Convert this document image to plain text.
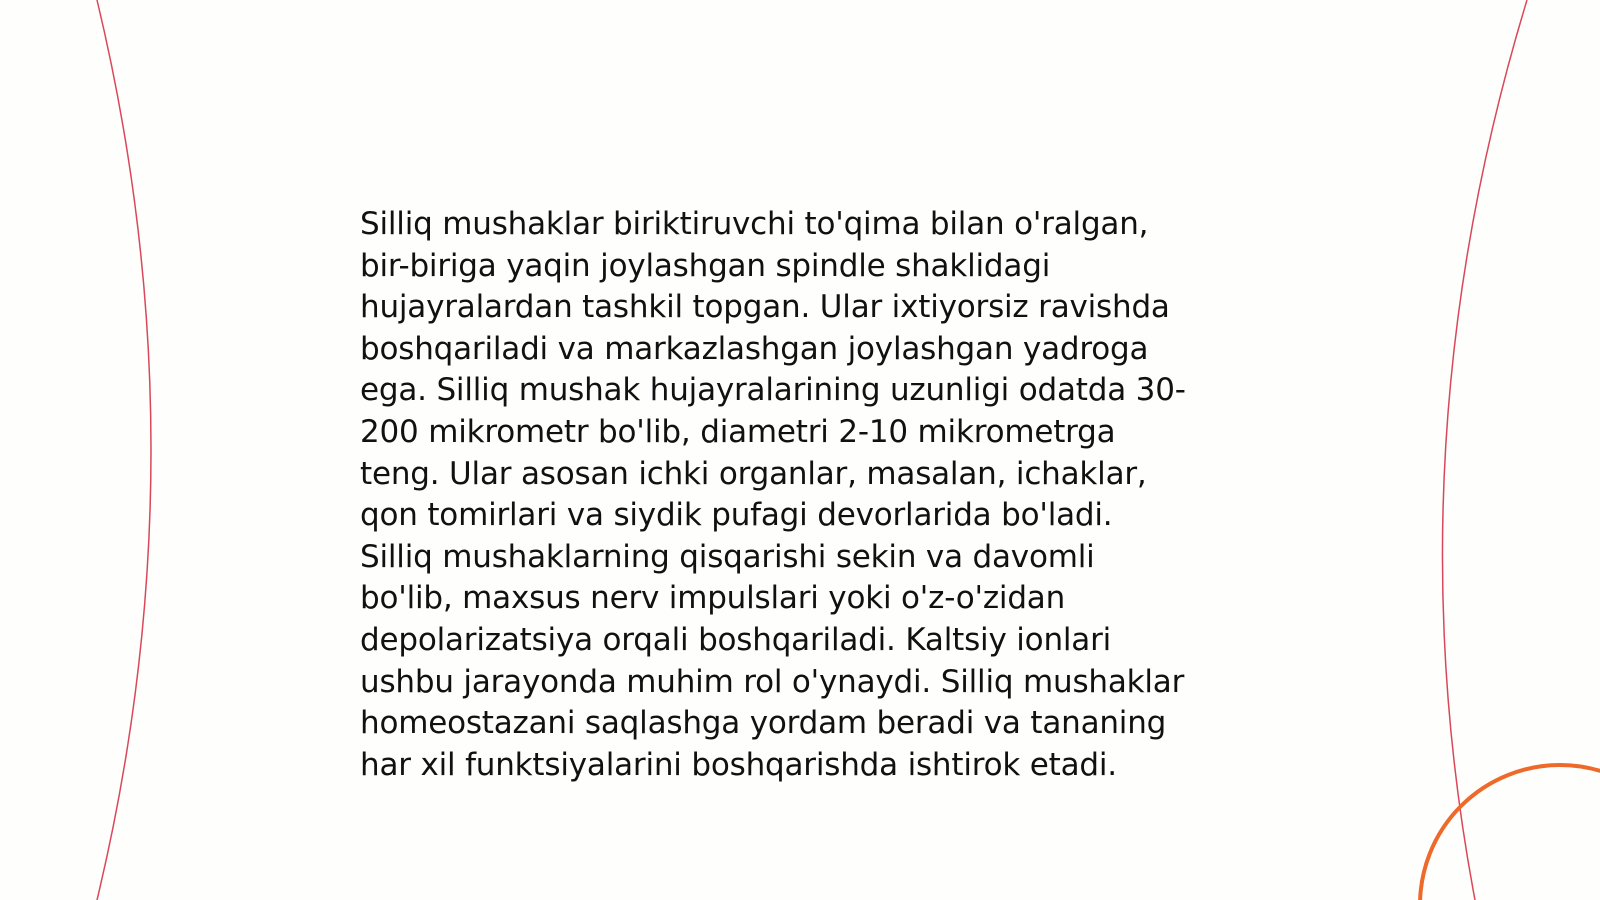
Silliq mushaklar biriktiruvchi to'qima bilan o'ralgan,
bir-biriga yaqin joylashgan spindle shaklidagi
hujayralardan tashkil topgan. Ular ixtiyorsiz ravishda
boshqariladi va markazlashgan joylashgan yadroga
ega. Silliq mushak hujayralarining uzunligi odatda 30-
200 mikrometr bo'lib, diametri 2-10 mikrometrga
teng. Ular asosan ichki organlar, masalan, ichaklar,
qon tomirlari va siydik pufagi devorlarida bo'ladi.
Silliq mushaklarning qisqarishi sekin va davomli
bo'lib, maxsus nerv impulslari yoki o'z-o'zidan
depolarizatsiya orqali boshqariladi. Kaltsiy ionlari
ushbu jarayonda muhim rol o'ynaydi. Silliq mushaklar
homeostazani saqlashga yordam beradi va tananing
har xil funktsiyalarini boshqarishda ishtirok etadi.
